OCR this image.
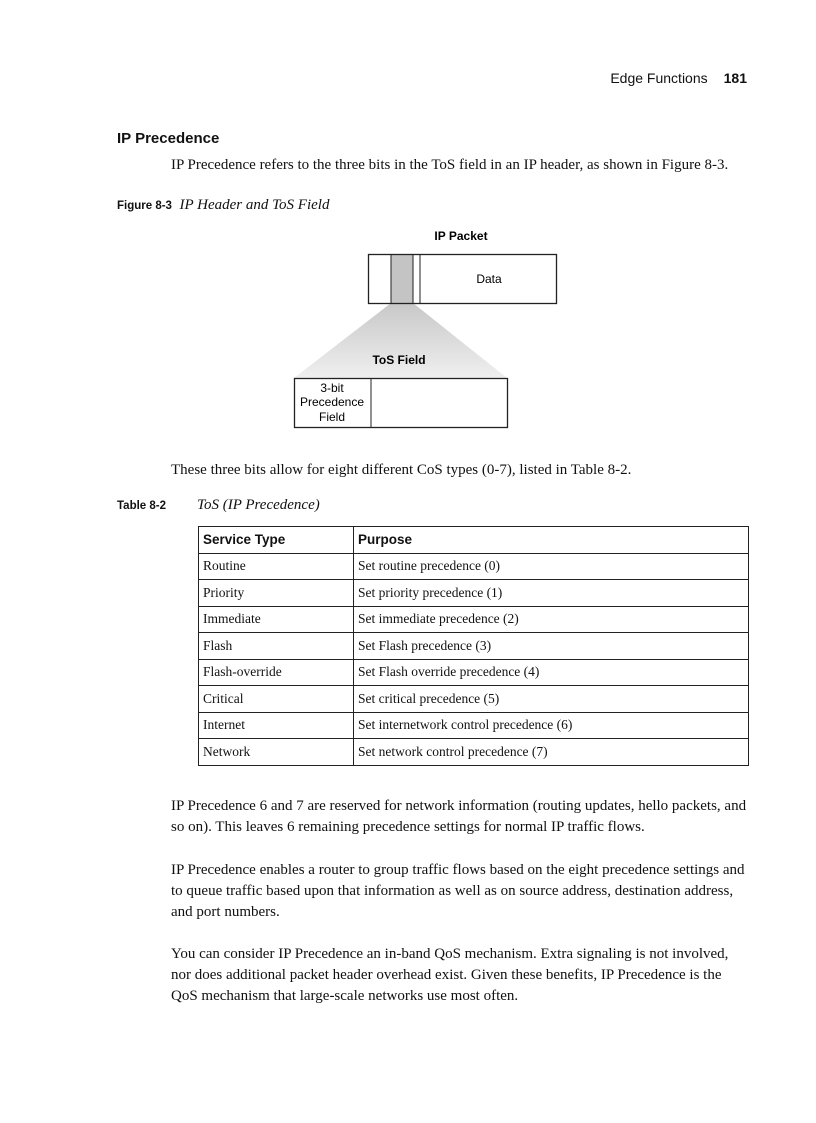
Edge Functions 181
IP Precedence
IP Precedence refers to the three bits in the ToS field in an IP header, as shown in Figure 8-3.
Figure 8-3 IP Header and ToS Field
IP Packet
Data
ToS Field
3-bit
Precedence
Field
These three bits allow for eight different CoS types (0-7), listed in Table 8-2.
Table 8-2 ToS (IP Precedence)
Service Type	Purpose
Routine	Set routine precedence (0)
Priority	Set priority precedence (1)
Immediate	Set immediate precedence (2)
Flash	Set Flash precedence (3)
Flash-override	Set Flash override precedence (4)
Critical	Set critical precedence (5)
Internet	Set internetwork control precedence (6)
Network	Set network control precedence (7)
IP Precedence 6 and 7 are reserved for network information (routing updates, hello packets, and so on). This leaves 6 remaining precedence settings for normal IP traffic flows.
IP Precedence enables a router to group traffic flows based on the eight precedence settings and to queue traffic based upon that information as well as on source address, destination address, and port numbers.
You can consider IP Precedence an in-band QoS mechanism. Extra signaling is not involved, nor does additional packet header overhead exist. Given these benefits, IP Precedence is the QoS mechanism that large-scale networks use most often.
